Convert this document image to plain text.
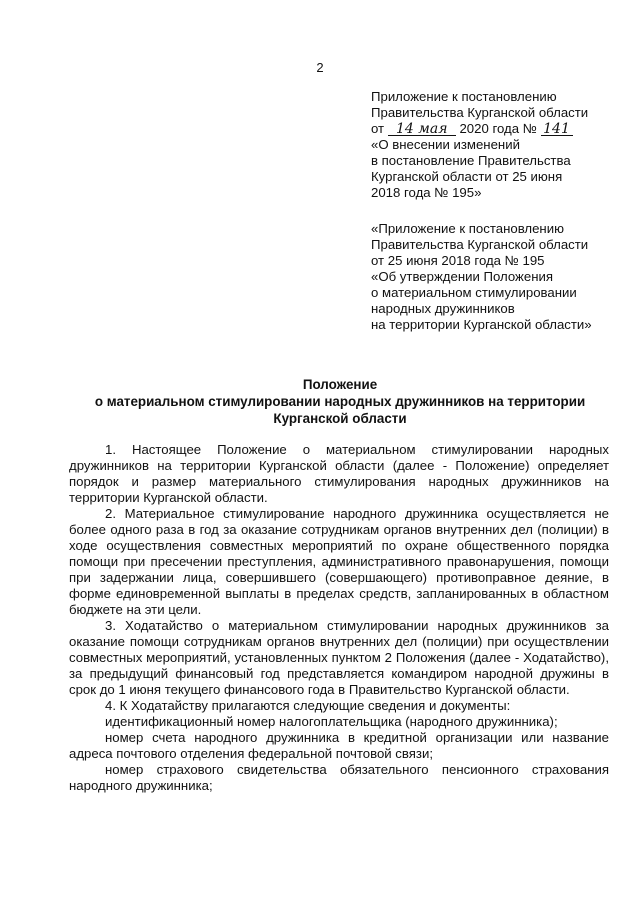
2
Приложение к постановлению
Правительства Курганской области
от 14 мая 2020 года № 141
«О внесении изменений
в постановление Правительства
Курганской области от 25 июня
2018 года № 195»
«Приложение к постановлению
Правительства Курганской области
от 25 июня 2018 года № 195
«Об утверждении Положения
о материальном стимулировании
народных дружинников
на территории Курганской области»
Положение
о материальном стимулировании народных дружинников на территории
Курганской области

1. Настоящее Положение о материальном стимулировании народных дружинников на территории Курганской области (далее - Положение) определяет порядок и размер материального стимулирования народных дружинников на территории Курганской области.

2. Материальное стимулирование народного дружинника осуществляется не более одного раза в год за оказание сотрудникам органов внутренних дел (полиции) в ходе осуществления совместных мероприятий по охране общественного порядка помощи при пресечении преступления, административного правонарушения, помощи при задержании лица, совершившего (совершающего) противоправное деяние, в форме единовременной выплаты в пределах средств, запланированных в областном бюджете на эти цели.

3. Ходатайство о материальном стимулировании народных дружинников за оказание помощи сотрудникам органов внутренних дел (полиции) при осуществлении совместных мероприятий, установленных пунктом 2 Положения (далее - Ходатайство), за предыдущий финансовый год представляется командиром народной дружины в срок до 1 июня текущего финансового года в Правительство Курганской области.

4. К Ходатайству прилагаются следующие сведения и документы:

идентификационный номер налогоплательщика (народного дружинника);

номер счета народного дружинника в кредитной организации или название адреса почтового отделения федеральной почтовой связи;

номер страхового свидетельства обязательного пенсионного страхования народного дружинника;
